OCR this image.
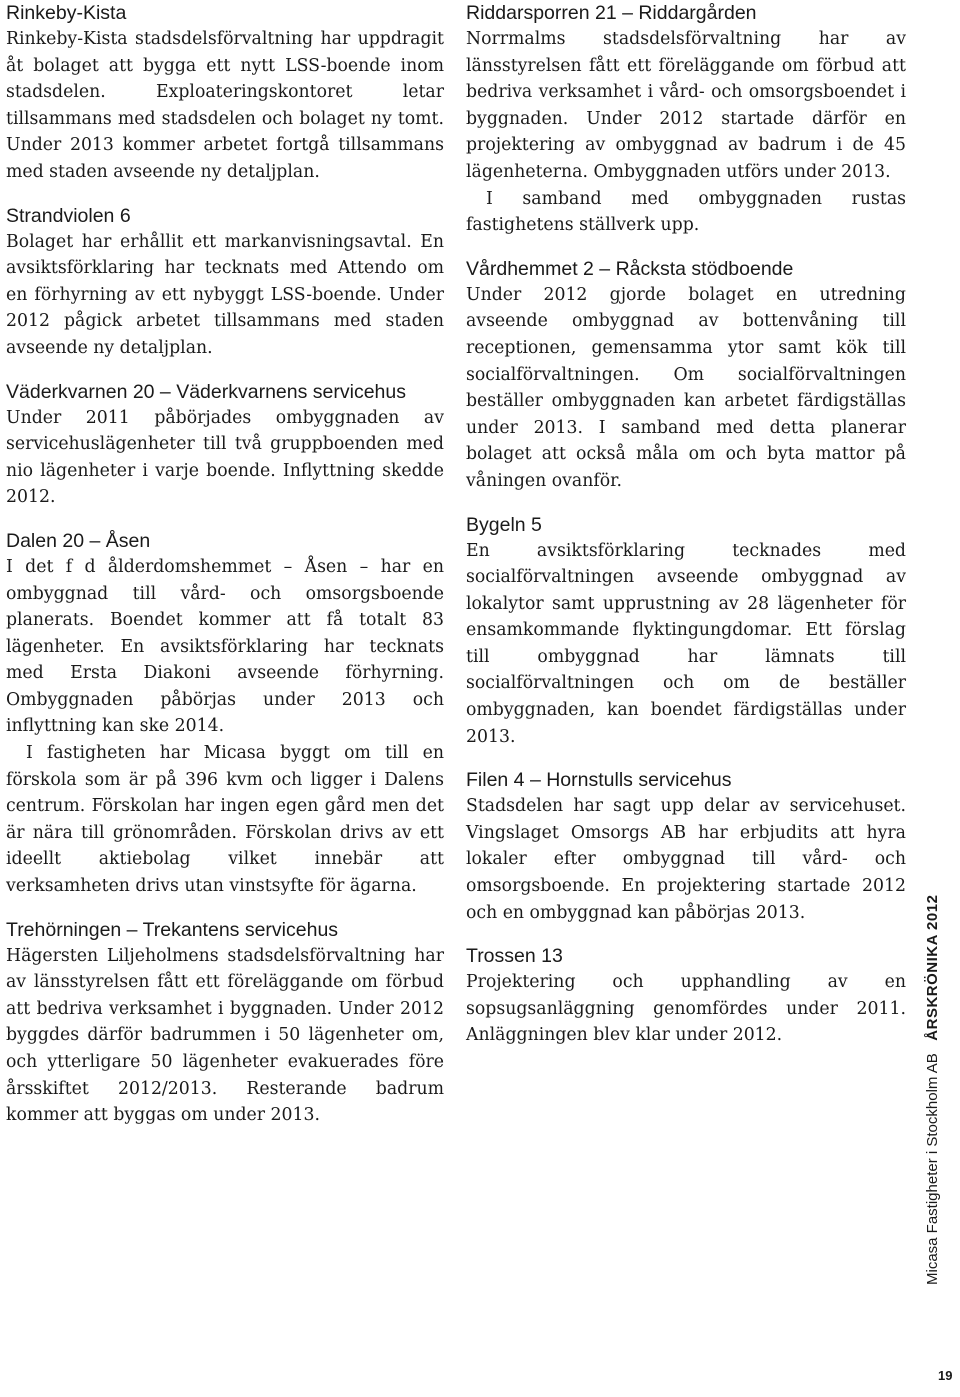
Rinkeby-Kista

Rinkeby-Kista stadsdelsförvaltning har uppdragit åt bolaget att bygga ett nytt LSS-boende inom stadsdelen. Exploateringskontoret letar tillsammans med stadsdelen och bolaget ny tomt. Under 2013 kommer arbetet fortgå tillsammans med staden avseende ny detaljplan.

Strandviolen 6

Bolaget har erhållit ett markanvisningsavtal. En avsiktsförklaring har tecknats med Attendo om en förhyrning av ett nybyggt LSS-boende. Under 2012 pågick arbetet tillsammans med staden avseende ny detaljplan.

Väderkvarnen 20 – Väderkvarnens servicehus

Under 2011 påbörjades ombyggnaden av servicehuslägenheter till två gruppboenden med nio lägenheter i varje boende. Inflyttning skedde 2012.

Dalen 20 – Åsen

I det f d ålderdomshemmet – Åsen – har en ombyggnad till vård- och omsorgsboende planerats. Boendet kommer att få totalt 83 lägenheter. En avsiktsförklaring har tecknats med Ersta Diakoni avseende förhyrning. Ombyggnaden påbörjas under 2013 och inflyttning kan ske 2014.

I fastigheten har Micasa byggt om till en förskola som är på 396 kvm och ligger i Dalens centrum. Förskolan har ingen egen gård men det är nära till grönområden. Förskolan drivs av ett ideellt aktiebolag vilket innebär att verksamheten drivs utan vinstsyfte för ägarna.

Trehörningen – Trekantens servicehus

Hägersten Liljeholmens stadsdelsförvaltning har av länsstyrelsen fått ett föreläggande om förbud att bedriva verksamhet i byggnaden. Under 2012 byggdes därför badrummen i 50 lägenheter om, och ytterligare 50 lägenheter evakuerades före årsskiftet 2012/2013. Resterande badrum kommer att byggas om under 2013.

Riddarsporren 21 – Riddargården

Norrmalms stadsdelsförvaltning har av länsstyrelsen fått ett föreläggande om förbud att bedriva verksamhet i vård- och omsorgsboendet i byggnaden. Under 2012 startade därför en projektering av ombyggnad av badrum i de 45 lägenheterna. Ombyggnaden utförs under 2013.

I samband med ombyggnaden rustas fastighetens ställverk upp.

Vårdhemmet 2 – Råcksta stödboende

Under 2012 gjorde bolaget en utredning avseende ombyggnad av bottenvåning till receptionen, gemensamma ytor samt kök till socialförvaltningen. Om socialförvaltningen beställer ombyggnaden kan arbetet färdigställas under 2013. I samband med detta planerar bolaget att också måla om och byta mattor på våningen ovanför.

Bygeln 5

En avsiktsförklaring tecknades med socialförvaltningen avseende ombyggnad av lokalytor samt upprustning av 28 lägenheter för ensamkommande flyktingungdomar. Ett förslag till ombyggnad har lämnats till socialförvaltningen och om de beställer ombyggnaden, kan boendet färdigställas under 2013.

Filen 4 – Hornstulls servicehus

Stadsdelen har sagt upp delar av servicehuset. Vingslaget Omsorgs AB har erbjudits att hyra lokaler efter ombyggnad till vård- och omsorgsboende. En projektering startade 2012 och en ombyggnad kan påbörjas 2013.

Trossen 13

Projektering och upphandling av en sopsugsanläggning genomfördes under 2011. Anläggningen blev klar under 2012.

Micasa Fastigheter i Stockholm AB   ÅRSKRÖNIKA 2012
19
